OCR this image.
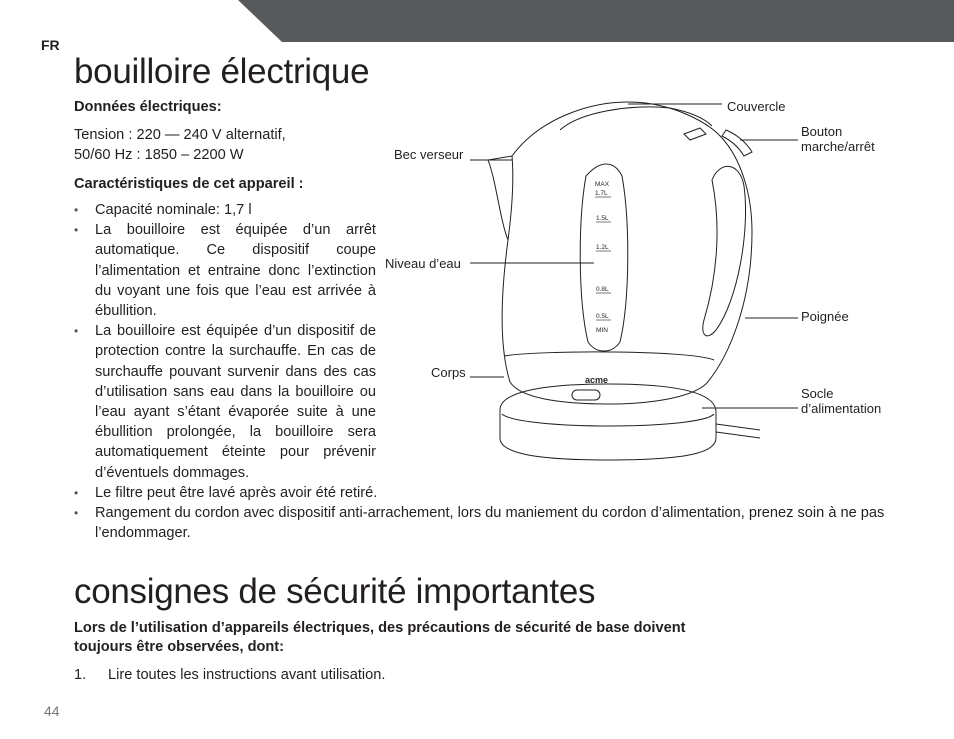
FR
bouilloire électrique
Données électriques:
Tension : 220 — 240 V alternatif,
50/60 Hz : 1850 – 2200 W
Caractéristiques de cet appareil :
• Capacité nominale: 1,7 l
• La bouilloire est équipée d’un arrêt automatique. Ce dispositif coupe l’alimentation et entraine donc l’extinction du voyant une fois que l’eau est arrivée à ébullition.
• La bouilloire est équipée d’un dispositif de protection contre la surchauffe. En cas de surchauffe pouvant survenir dans des cas d’utilisation sans eau dans la bouilloire ou l’eau ayant s’étant évaporée suite à une ébullition prolongée, la bouilloire sera automatiquement éteinte pour prévenir d’éventuels dommages.
• Le filtre peut être lavé après avoir été retiré.
• Rangement du cordon avec dispositif anti-arrachement, lors du maniement du cordon d’alimentation, prenez soin à ne pas l’endommager.
MAX
1.7L
1.5L
1.2L
0.8L
0.5L
MIN
acme
Couvercle
Bouton
marche/arrêt
Bec verseur
Niveau d’eau
Poignée
Corps
Socle
d’alimentation
consignes de sécurité importantes
Lors de l’utilisation d’appareils électriques, des précautions de sécurité de base doivent
toujours être observées, dont:
1. Lire toutes les instructions avant utilisation.
44
